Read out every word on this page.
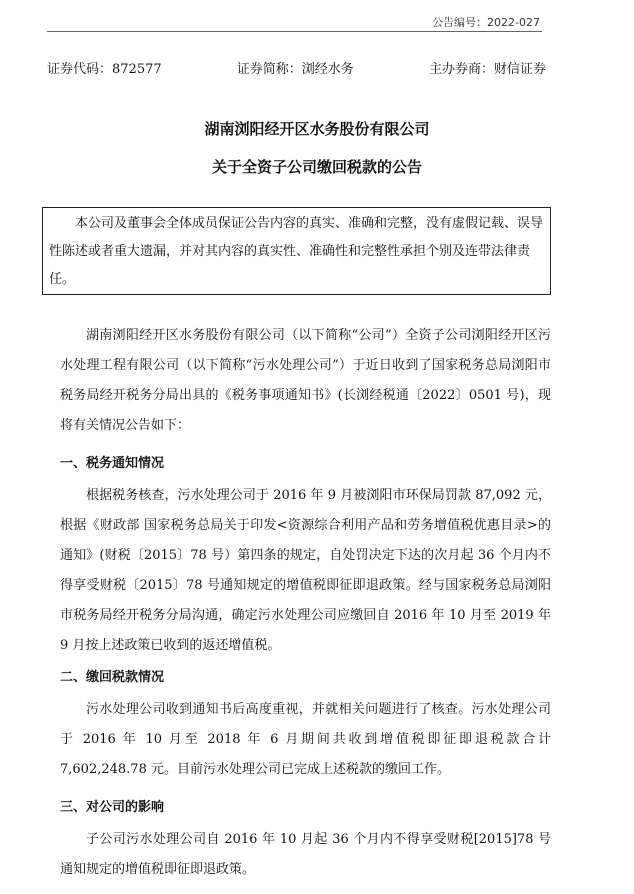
公告编号：2022-027
证券代码：872577	证券简称：浏经水务	主办券商：财信证券
湖南浏阳经开区水务股份有限公司
关于全资子公司缴回税款的公告
本公司及董事会全体成员保证公告内容的真实、准确和完整，没有虚假记载、误导性陈述或者重大遗漏，并对其内容的真实性、准确性和完整性承担个别及连带法律责任。

湖南浏阳经开区水务股份有限公司（以下简称“公司”）全资子公司浏阳经开区污水处理工程有限公司（以下简称“污水处理公司”）于近日收到了国家税务总局浏阳市税务局经开税务分局出具的《税务事项通知书》(长浏经税通〔2022〕0501 号)，现将有关情况公告如下：

一、税务通知情况

根据税务核查，污水处理公司于 2016 年 9 月被浏阳市环保局罚款 87,092 元，根据《财政部 国家税务总局关于印发<资源综合利用产品和劳务增值税优惠目录>的通知》(财税〔2015〕78 号）第四条的规定，自处罚决定下达的次月起 36 个月内不得享受财税〔2015〕78 号通知规定的增值税即征即退政策。经与国家税务总局浏阳市税务局经开税务分局沟通，确定污水处理公司应缴回自 2016 年 10 月至 2019 年 9 月按上述政策已收到的返还增值税。

二、缴回税款情况

污水处理公司收到通知书后高度重视，并就相关问题进行了核查。污水处理公司于 2016 年 10 月至 2018 年 6 月期间共收到增值税即征即退税款合计 7,602,248.78 元。目前污水处理公司已完成上述税款的缴回工作。

三、对公司的影响

子公司污水处理公司自 2016 年 10 月起 36 个月内不得享受财税[2015]78 号通知规定的增值税即征即退政策。
